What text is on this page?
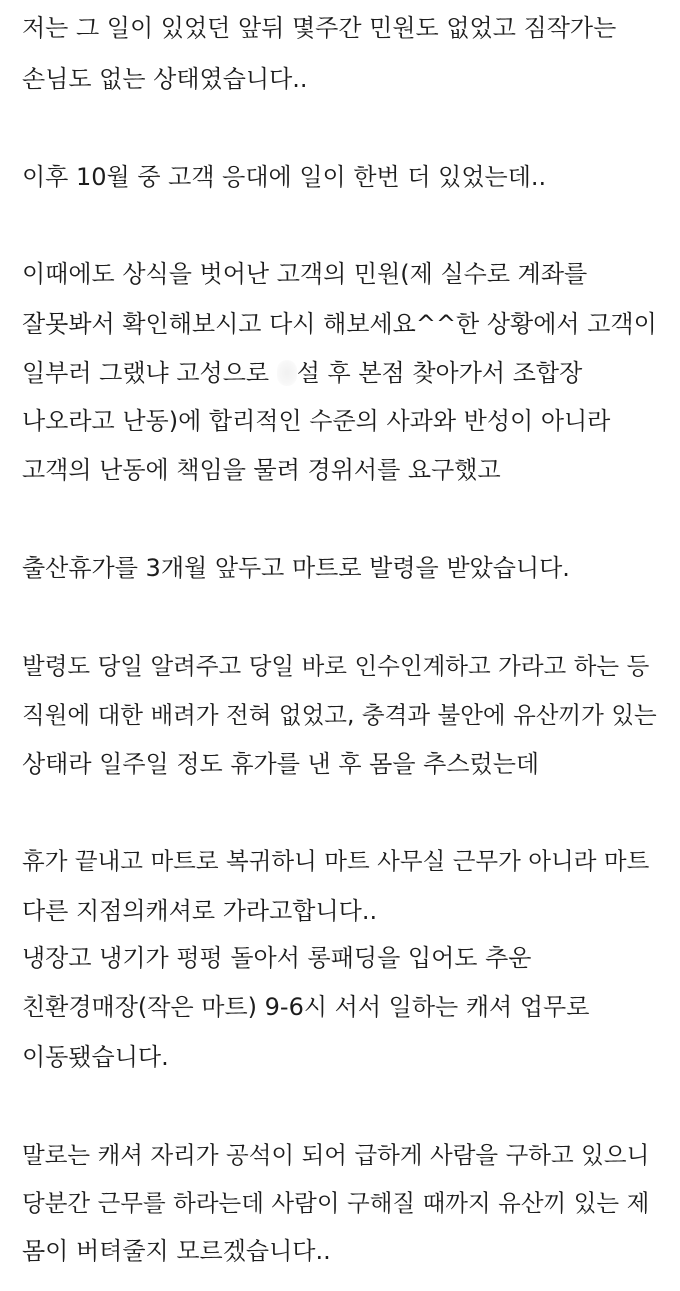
저는 그 일이 있었던 앞뒤 몇주간 민원도 없었고 짐작가는
손님도 없는 상태였습니다..
이후 10월 중 고객 응대에 일이 한번 더 있었는데..
이때에도 상식을 벗어난 고객의 민원(제 실수로 계좌를
잘못봐서 확인해보시고 다시 해보세요^^한 상황에서 고객이
일부러 그랬냐 고성으로 설 후 본점 찾아가서 조합장
나오라고 난동)에 합리적인 수준의 사과와 반성이 아니라
고객의 난동에 책임을 물려 경위서를 요구했고
출산휴가를 3개월 앞두고 마트로 발령을 받았습니다.
발령도 당일 알려주고 당일 바로 인수인계하고 가라고 하는 등
직원에 대한 배려가 전혀 없었고, 충격과 불안에 유산끼가 있는
상태라 일주일 정도 휴가를 낸 후 몸을 추스렀는데
휴가 끝내고 마트로 복귀하니 마트 사무실 근무가 아니라 마트
다른 지점의캐셔로 가라고합니다..
냉장고 냉기가 펑펑 돌아서 롱패딩을 입어도 추운
친환경매장(작은 마트) 9-6시 서서 일하는 캐셔 업무로
이동됐습니다.
말로는 캐셔 자리가 공석이 되어 급하게 사람을 구하고 있으니
당분간 근무를 하라는데 사람이 구해질 때까지 유산끼 있는 제
몸이 버텨줄지 모르겠습니다..
